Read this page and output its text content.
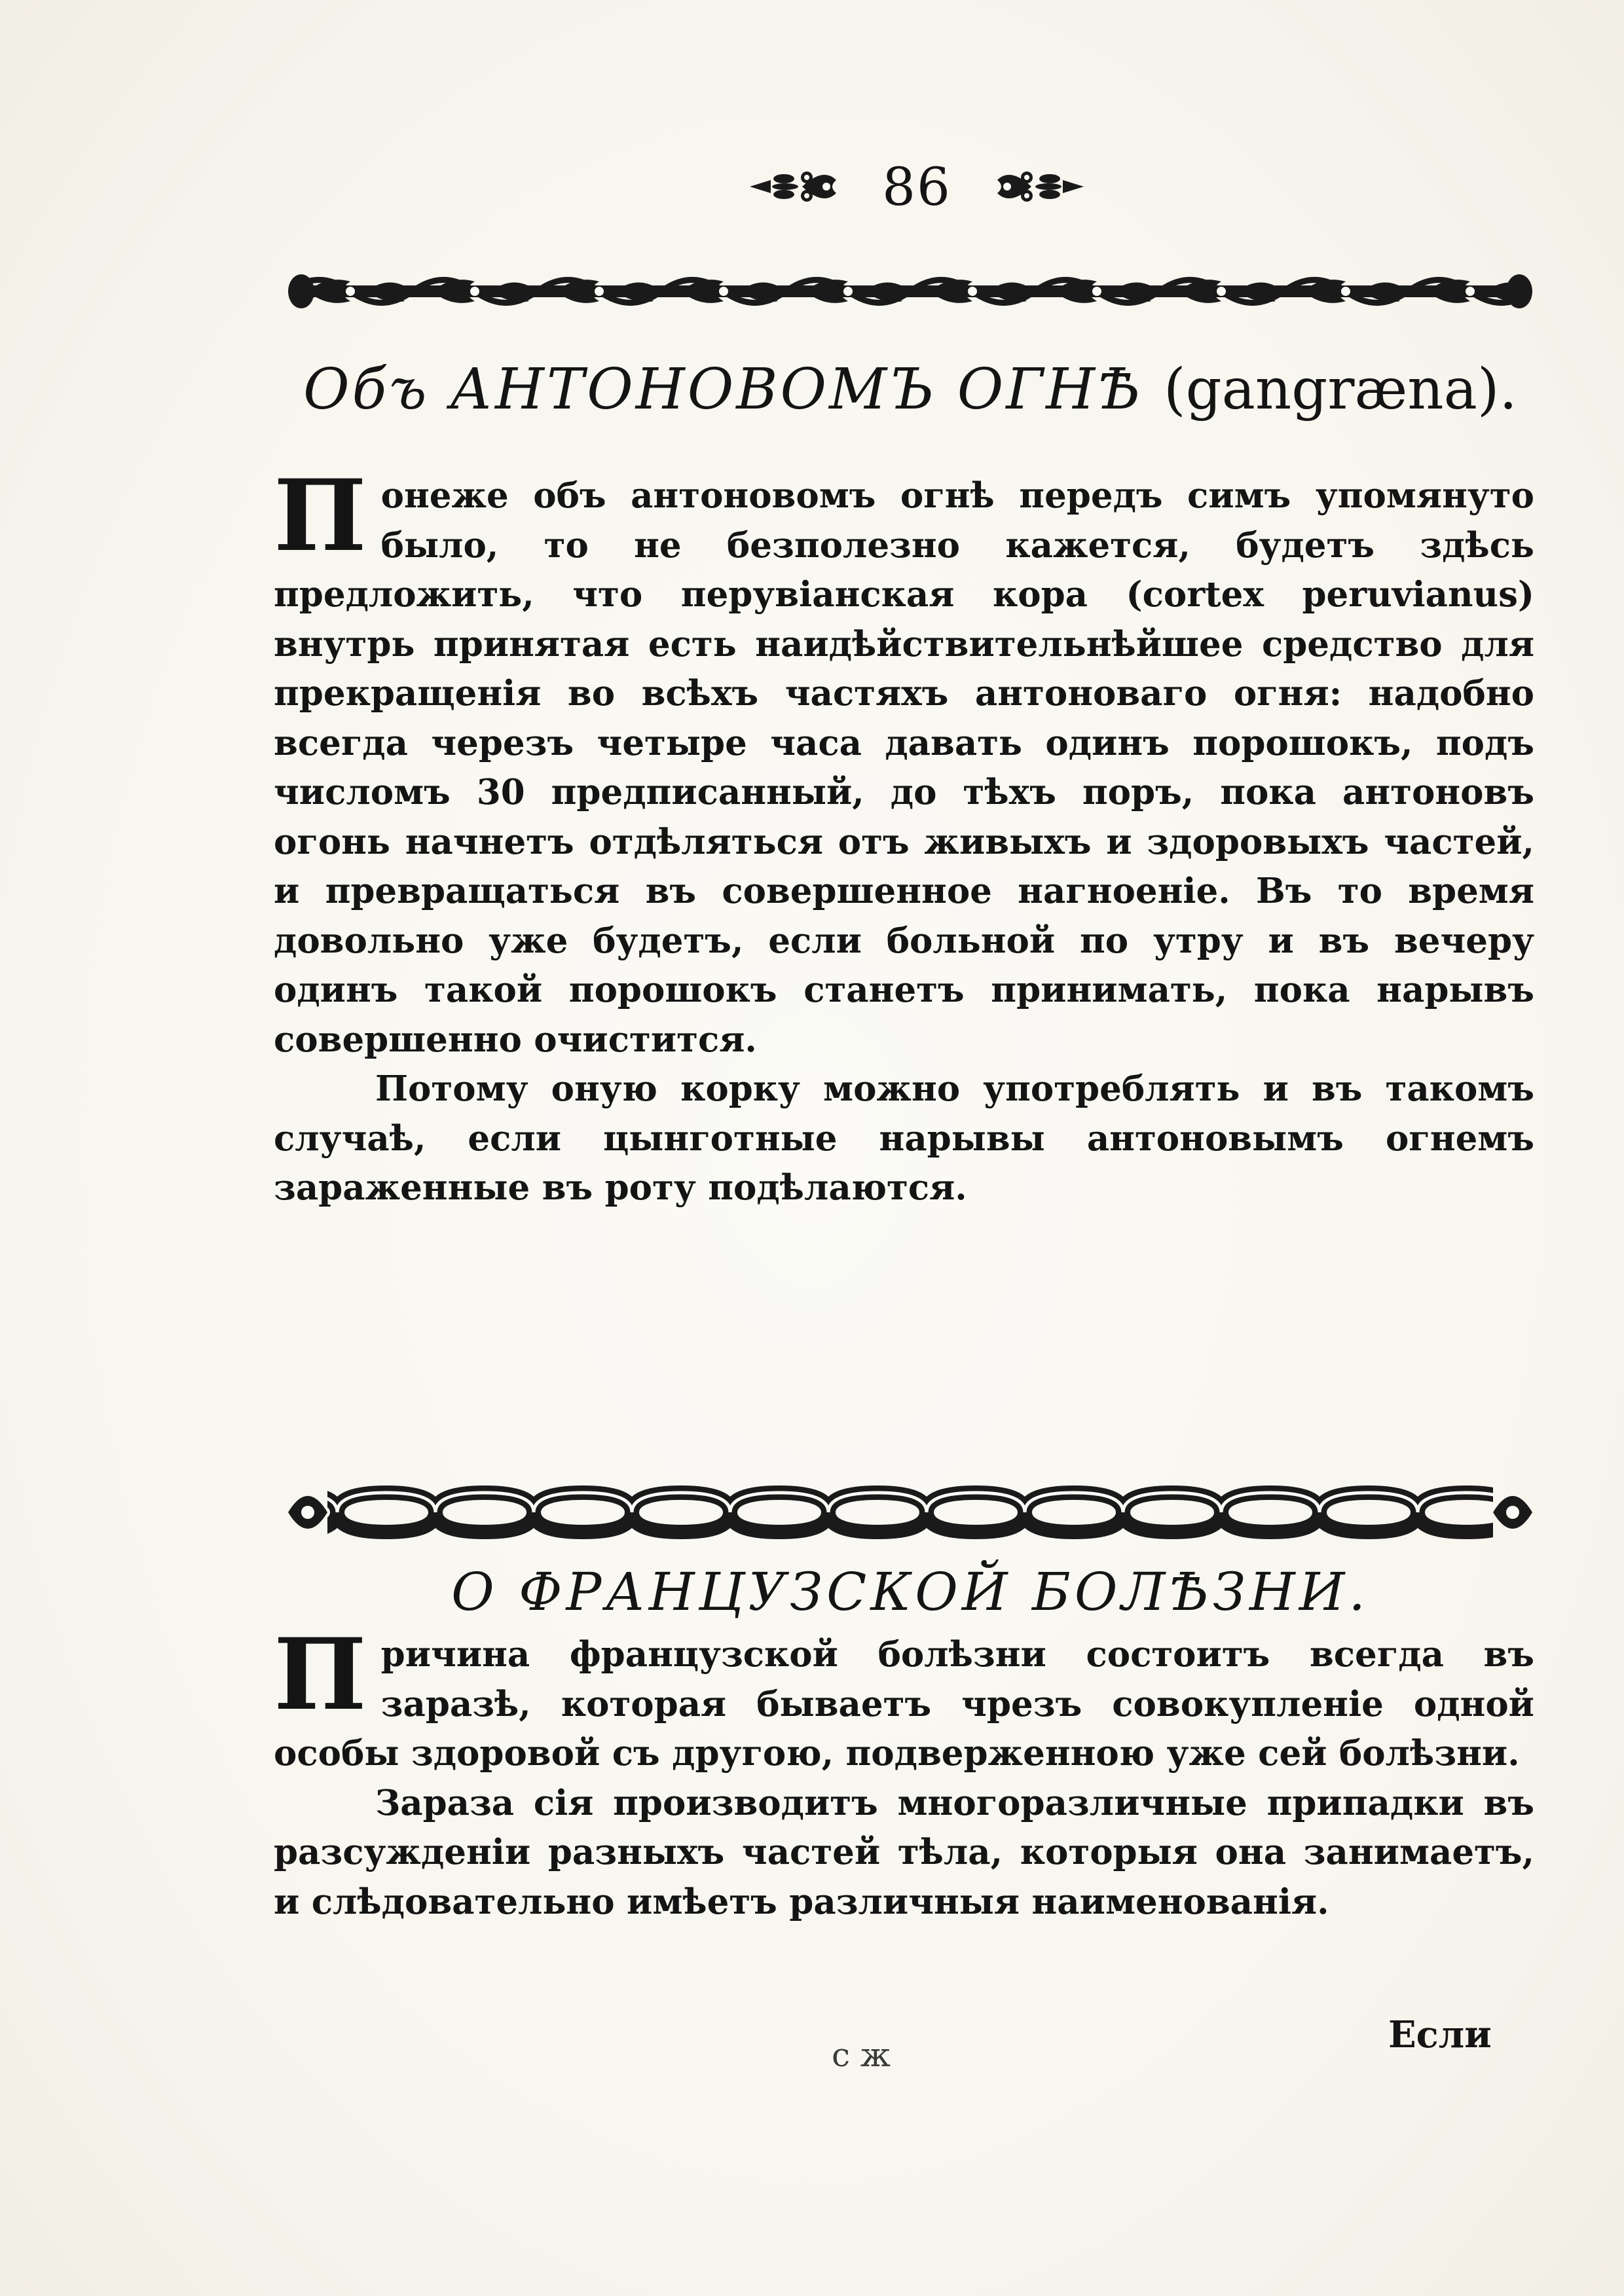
86
Объ АНТОНОВОМЪ ОГНѢ (gangræna).

Понеже объ антоновомъ огнѣ передъ симъ упомянуто было, то не безполезно кажется, будетъ здѣсь предложить, что перувіанская кора (cortex peruvianus) внутрь принятая есть наидѣйствительнѣйшее средство для прекращенія во всѣхъ частяхъ антоноваго огня: надобно всегда черезъ четыре часа давать одинъ порошокъ, подъ числомъ 30 предписанный, до тѣхъ поръ, пока антоновъ огонь начнетъ отдѣляться отъ живыхъ и здоровыхъ частей, и превращаться въ совершенное нагноеніе. Въ то время довольно уже будетъ, если больной по утру и въ вечеру одинъ такой порошокъ станетъ принимать, пока нарывъ совершенно очистится.

Потому оную корку можно употреблять и въ такомъ случаѣ, если цынготные нарывы антоновымъ огнемъ зараженные въ роту подѣлаются.

О ФРАНЦУЗСКОЙ БОЛѢЗНИ.

Причина французской болѣзни состоитъ всегда въ заразѣ, которая бываетъ чрезъ совокупленіе одной особы здоровой съ другою, подверженною уже сей болѣзни.

Зараза сія производитъ многоразличные припадки въ разсужденіи разныхъ частей тѣла, которыя она занимаетъ, и слѣдовательно имѣетъ различныя наименованія.

с ж	Если
